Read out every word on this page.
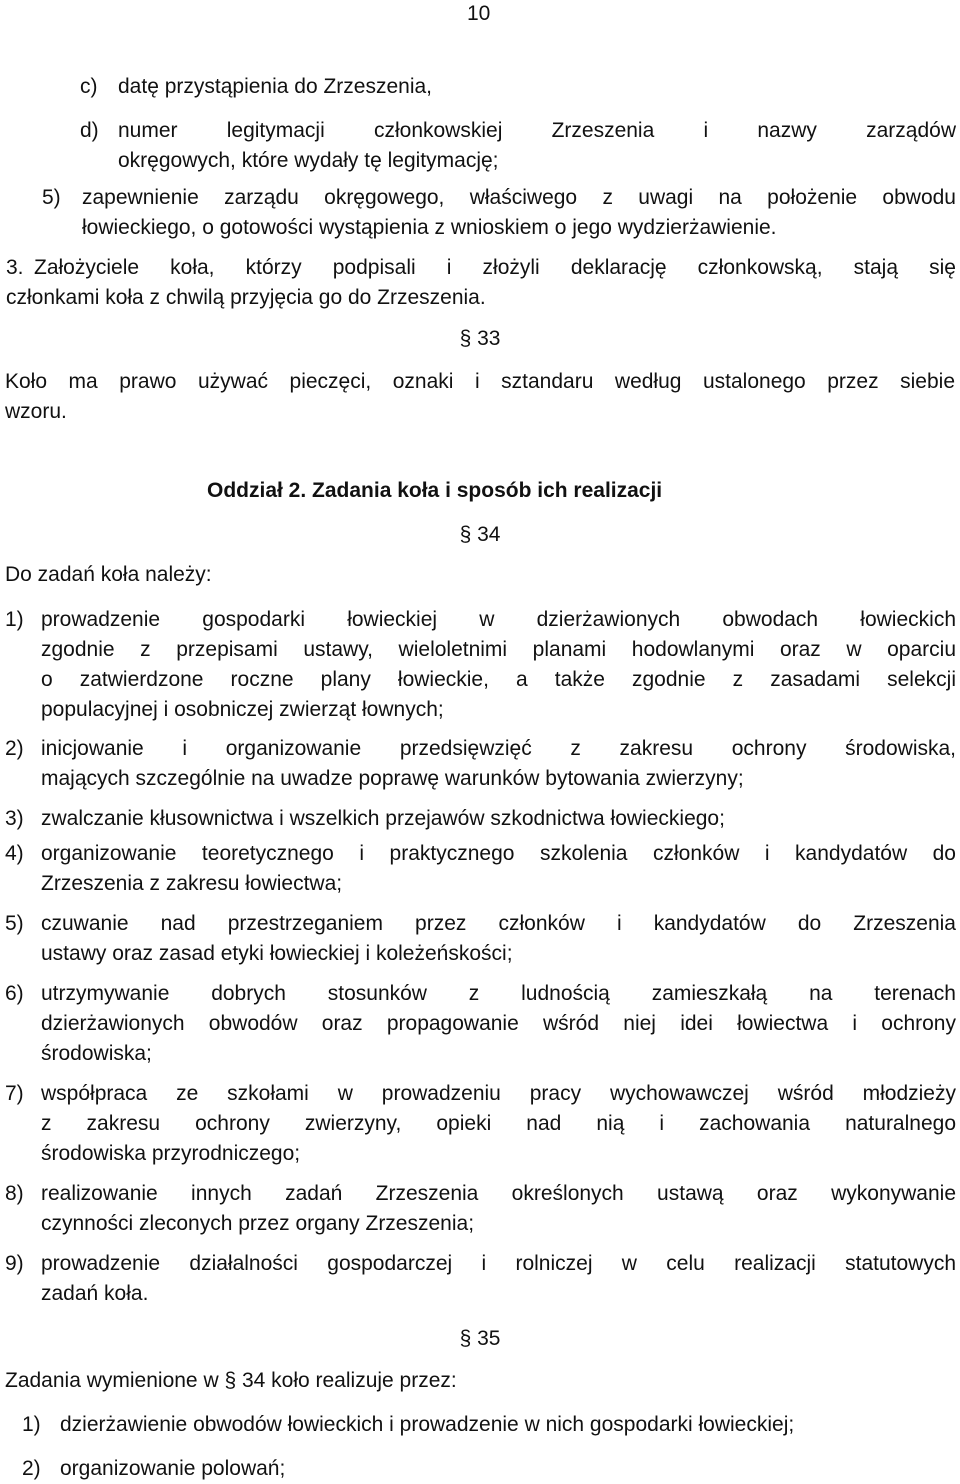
10
c) datę przystąpienia do Zrzeszenia,
d) numer legitymacji członkowskiej Zrzeszenia i nazwy zarządów
okręgowych, które wydały tę legitymację;
5) zapewnienie zarządu okręgowego, właściwego z uwagi na położenie obwodu
łowieckiego, o gotowości wystąpienia z wnioskiem o jego wydzierżawienie.
3. Założyciele koła, którzy podpisali i złożyli deklarację członkowską, stają się
członkami koła z chwilą przyjęcia go do Zrzeszenia.
§ 33
Koło ma prawo używać pieczęci, oznaki i sztandaru według ustalonego przez siebie
wzoru.
Oddział 2. Zadania koła i sposób ich realizacji
§ 34
Do zadań koła należy:
1) prowadzenie gospodarki łowieckiej w dzierżawionych obwodach łowieckich
zgodnie z przepisami ustawy, wieloletnimi planami hodowlanymi oraz w oparciu
o zatwierdzone roczne plany łowieckie, a także zgodnie z zasadami selekcji
populacyjnej i osobniczej zwierząt łownych;
2) inicjowanie i organizowanie przedsięwzięć z zakresu ochrony środowiska,
mających szczególnie na uwadze poprawę warunków bytowania zwierzyny;
3) zwalczanie kłusownictwa i wszelkich przejawów szkodnictwa łowieckiego;
4) organizowanie teoretycznego i praktycznego szkolenia członków i kandydatów do
Zrzeszenia z zakresu łowiectwa;
5) czuwanie nad przestrzeganiem przez członków i kandydatów do Zrzeszenia
ustawy oraz zasad etyki łowieckiej i koleżeńskości;
6) utrzymywanie dobrych stosunków z ludnością zamieszkałą na terenach
dzierżawionych obwodów oraz propagowanie wśród niej idei łowiectwa i ochrony
środowiska;
7) współpraca ze szkołami w prowadzeniu pracy wychowawczej wśród młodzieży
z zakresu ochrony zwierzyny, opieki nad nią i zachowania naturalnego
środowiska przyrodniczego;
8) realizowanie innych zadań Zrzeszenia określonych ustawą oraz wykonywanie
czynności zleconych przez organy Zrzeszenia;
9) prowadzenie działalności gospodarczej i rolniczej w celu realizacji statutowych
zadań koła.
§ 35
Zadania wymienione w § 34 koło realizuje przez:
1) dzierżawienie obwodów łowieckich i prowadzenie w nich gospodarki łowieckiej;
2) organizowanie polowań;
